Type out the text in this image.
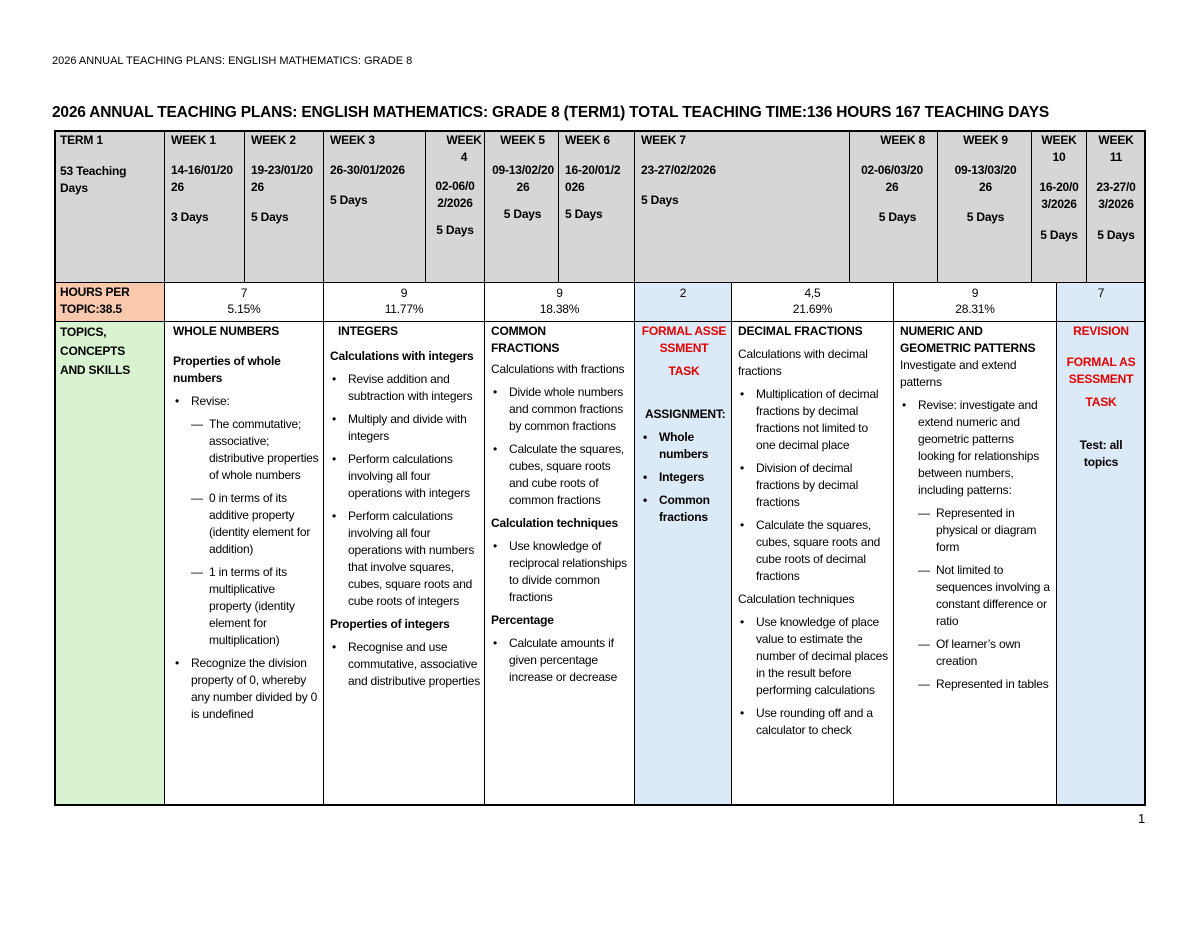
2026 ANNUAL TEACHING PLANS: ENGLISH MATHEMATICS: GRADE 8
2026 ANNUAL TEACHING PLANS: ENGLISH MATHEMATICS: GRADE 8 (TERM1) TOTAL TEACHING TIME:136 HOURS 167 TEACHING DAYS
TERM 1
53 Teaching Days
WEEK 1
14-16/01/2026
3 Days
WEEK 2
19-23/01/2026
5 Days
WEEK 3
26-30/01/2026
5 Days
WEEK 4
02-06/02/2026
5 Days
WEEK 5
09-13/02/2026
5 Days
WEEK 6
16-20/01/2026
5 Days
WEEK 7
23-27/02/2026
5 Days
WEEK 8
02-06/03/2026
5 Days
WEEK 9
09-13/03/2026
5 Days
WEEK 10
16-20/03/2026
5 Days
WEEK 11
23-27/03/2026
5 Days
HOURS PER TOPIC:38.5
7
5.15%
9
11.77%
9
18.38%
2	4,5
21.69%
9
28.31%
7
TOPICS, CONCEPTS AND SKILLS
WHOLE NUMBERS
Properties of whole numbers
• Revise:
— The commutative; associative; distributive properties of whole numbers
— 0 in terms of its additive property (identity element for addition)
— 1 in terms of its multiplicative property (identity element for multiplication)
• Recognize the division property of 0, whereby any number divided by 0 is undefined
INTEGERS
Calculations with integers
• Revise addition and subtraction with integers
• Multiply and divide with integers
• Perform calculations involving all four operations with integers
• Perform calculations involving all four operations with numbers that involve squares, cubes, square roots and cube roots of integers
Properties of integers
• Recognise and use commutative, associative and distributive properties
COMMON FRACTIONS
Calculations with fractions
• Divide whole numbers and common fractions by common fractions
• Calculate the squares, cubes, square roots and cube roots of common fractions
Calculation techniques
• Use knowledge of reciprocal relationships to divide common fractions
Percentage
• Calculate amounts if given percentage increase or decrease
FORMAL ASSESSMENT
TASK
ASSIGNMENT:
• Whole numbers
• Integers
• Common fractions
DECIMAL FRACTIONS
Calculations with decimal fractions
• Multiplication of decimal fractions by decimal fractions not limited to one decimal place
• Division of decimal fractions by decimal fractions
• Calculate the squares, cubes, square roots and cube roots of decimal fractions
Calculation techniques
• Use knowledge of place value to estimate the number of decimal places in the result before performing calculations
• Use rounding off and a calculator to check
NUMERIC AND GEOMETRIC PATTERNS
Investigate and extend patterns
• Revise: investigate and extend numeric and geometric patterns looking for relationships between numbers, including patterns:
— Represented in physical or diagram form
— Not limited to sequences involving a constant difference or ratio
— Of learner’s own creation
— Represented in tables
REVISION
FORMAL ASSESSMENT
TASK
Test: all topics
1
